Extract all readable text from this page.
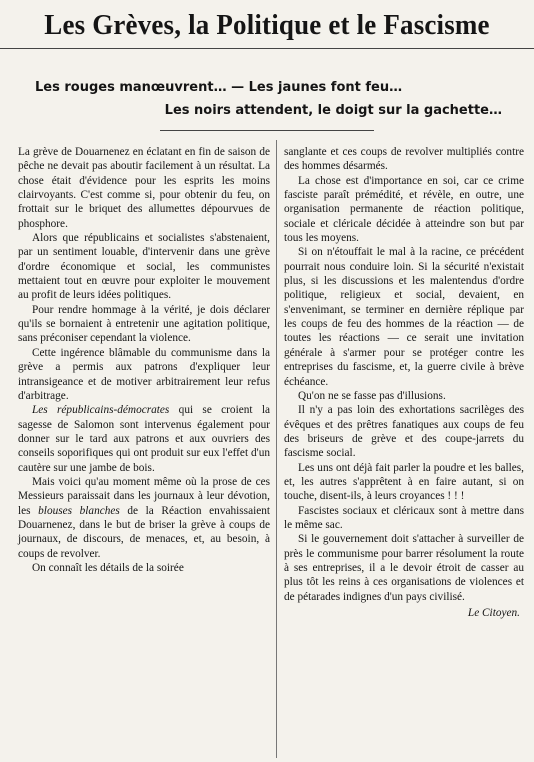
Les Grèves, la Politique et le Fascisme
Les rouges manœuvrent… — Les jaunes font feu…
Les noirs attendent, le doigt sur la gachette…

La grève de Douarnenez en éclatant en fin de saison de pêche ne devait pas aboutir facilement à un résultat. La chose était d'évidence pour les esprits les moins clairvoyants. C'est comme si, pour obtenir du feu, on frottait sur le briquet des allumettes dépourvues de phosphore.

Alors que républicains et socialistes s'abstenaient, par un sentiment louable, d'intervenir dans une grève d'ordre économique et social, les communistes mettaient tout en œuvre pour exploiter le mouvement au profit de leurs idées politiques.

Pour rendre hommage à la vérité, je dois déclarer qu'ils se bornaient à entretenir une agitation politique, sans préconiser cependant la violence.

Cette ingérence blâmable du communisme dans la grève a permis aux patrons d'expliquer leur intransigeance et de motiver arbitrairement leur refus d'arbitrage.

Les républicains-démocrates qui se croient la sagesse de Salomon sont intervenus également pour donner sur le tard aux patrons et aux ouvriers des conseils soporifiques qui ont produit sur eux l'effet d'un cautère sur une jambe de bois.

Mais voici qu'au moment même où la prose de ces Messieurs paraissait dans les journaux à leur dévotion, les blouses blanches de la Réaction envahissaient Douarnenez, dans le but de briser la grève à coups de journaux, de discours, de menaces, et, au besoin, à coups de revolver.

On connaît les détails de la soirée

sanglante et ces coups de revolver multipliés contre des hommes désarmés.

La chose est d'importance en soi, car ce crime fasciste paraît prémédité, et révèle, en outre, une organisation permanente de réaction politique, sociale et cléricale décidée à atteindre son but par tous les moyens.

Si on n'étouffait le mal à la racine, ce précédent pourrait nous conduire loin. Si la sécurité n'existait plus, si les discussions et les malentendus d'ordre politique, religieux et social, devaient, en s'envenimant, se terminer en dernière réplique par les coups de feu des hommes de la réaction — de toutes les réactions — ce serait une invitation générale à s'armer pour se protéger contre les entreprises du fascisme, et, la guerre civile à brève échéance.

Qu'on ne se fasse pas d'illusions.

Il n'y a pas loin des exhortations sacrilèges des évêques et des prêtres fanatiques aux coups de feu des briseurs de grève et des coupe-jarrets du fascisme social.

Les uns ont déjà fait parler la poudre et les balles, et, les autres s'apprêtent à en faire autant, si on touche, disent-ils, à leurs croyances ! ! !

Fascistes sociaux et cléricaux sont à mettre dans le même sac.

Si le gouvernement doit s'attacher à surveiller de près le communisme pour barrer résolument la route à ses entreprises, il a le devoir étroit de casser au plus tôt les reins à ces organisations de violences et de pétarades indignes d'un pays civilisé.

Le Citoyen.
